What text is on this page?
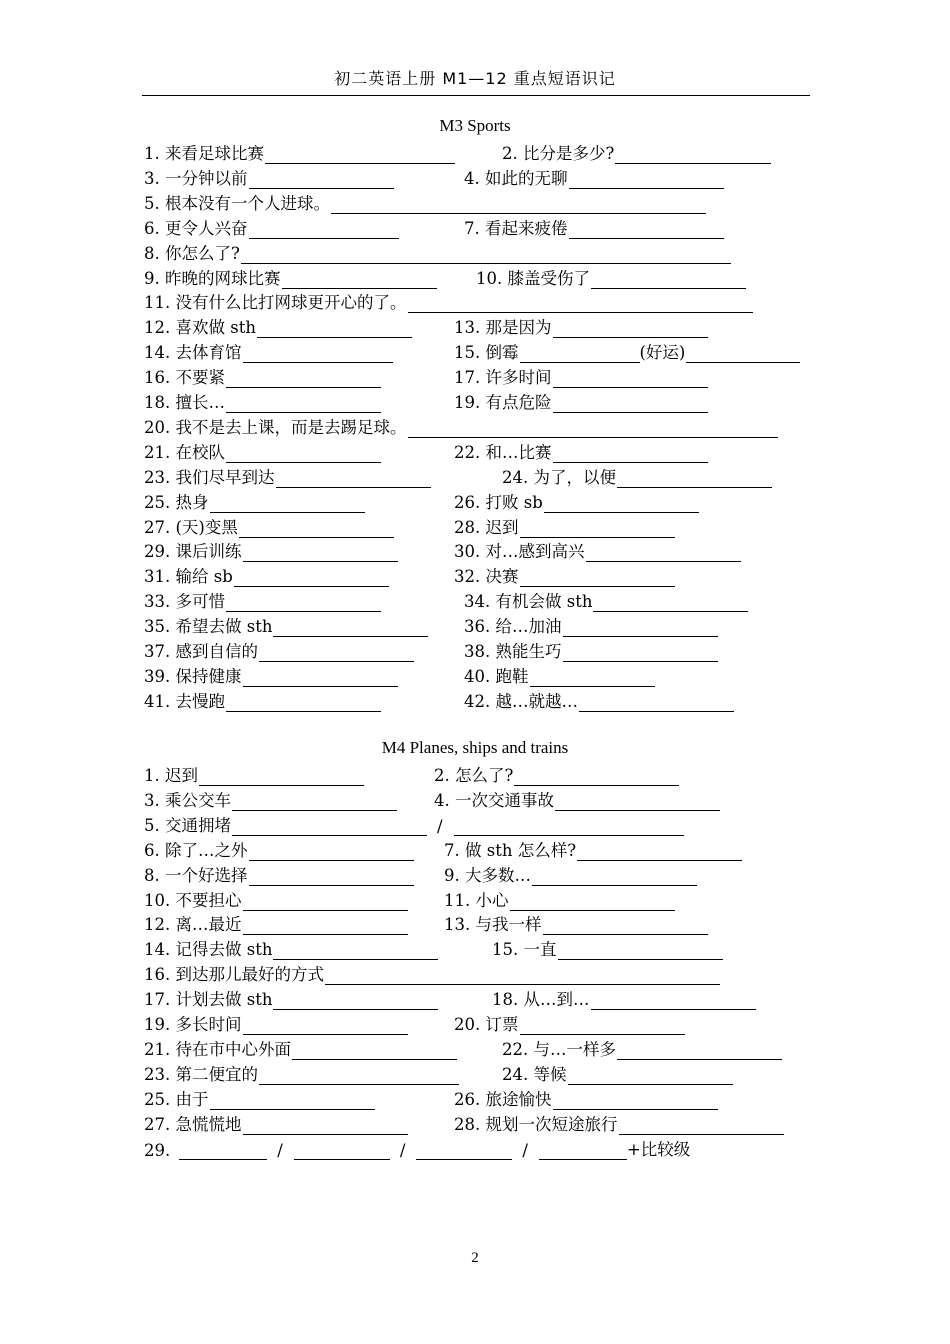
初二英语上册 M1—12 重点短语识记
M3 Sports
1. 来看足球比赛	2. 比分是多少?
3. 一分钟以前	4. 如此的无聊
5. 根本没有一个人进球。
6. 更令人兴奋	7. 看起来疲倦
8. 你怎么了?
9. 昨晚的网球比赛	10. 膝盖受伤了
11. 没有什么比打网球更开心的了。
12. 喜欢做 sth	13. 那是因为
14. 去体育馆	15. 倒霉	(好运)
16. 不要紧	17. 许多时间
18. 擅长…	19. 有点危险
20. 我不是去上课，而是去踢足球。
21. 在校队	22. 和…比赛
23. 我们尽早到达	24. 为了，以便
25. 热身	26. 打败 sb
27. (天)变黑	28. 迟到
29. 课后训练	30. 对…感到高兴
31. 输给 sb	32. 决赛
33. 多可惜	34. 有机会做 sth
35. 希望去做 sth	36. 给…加油
37. 感到自信的	38. 熟能生巧
39. 保持健康	40. 跑鞋
41. 去慢跑	42. 越…就越…
M4 Planes, ships and trains
1. 迟到	2. 怎么了?
3. 乘公交车	4. 一次交通事故
5. 交通拥堵	/
6. 除了…之外	7. 做 sth 怎么样?
8. 一个好选择	9. 大多数…
10. 不要担心	11. 小心
12. 离…最近	13. 与我一样
14. 记得去做 sth	15. 一直
16. 到达那儿最好的方式
17. 计划去做 sth	18. 从…到…
19. 多长时间	20. 订票
21. 待在市中心外面	22. 与…一样多
23. 第二便宜的	24. 等候
25. 由于	26. 旅途愉快
27. 急慌慌地	28. 规划一次短途旅行
29.	/	/	/	+比较级
2
